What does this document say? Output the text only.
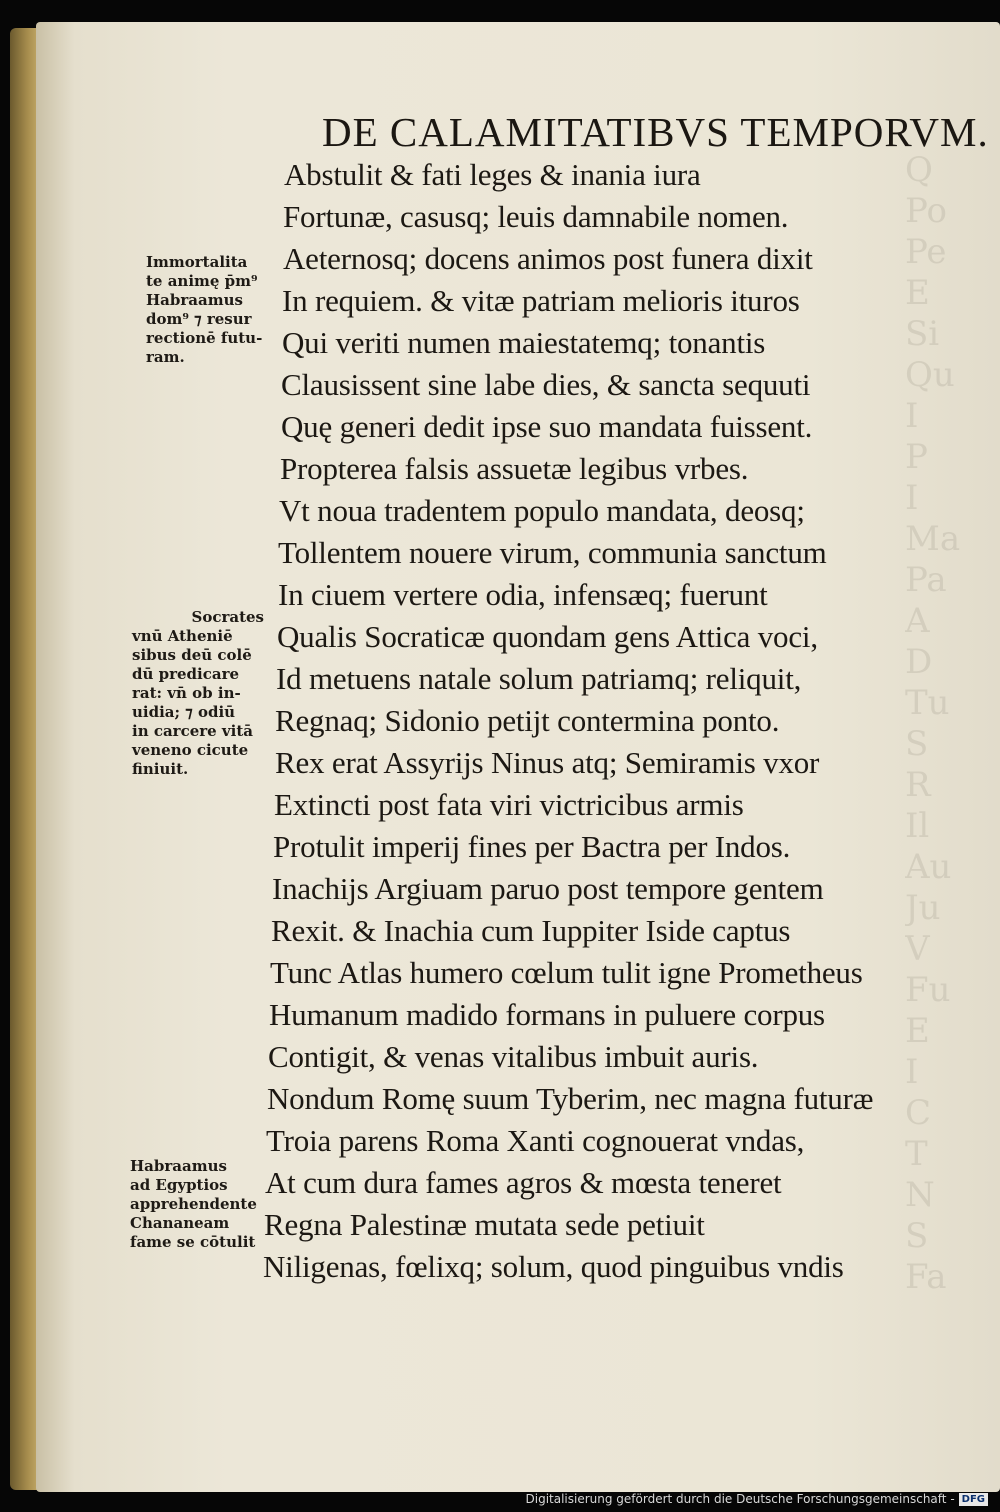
Q
Po
Pe
E
Si
Qu
I
P
I
Ma
Pa
A
D
Tu
S
R
Il
Au
Ju
V
Fu
E
I
C
T
N
S
Fa
DE CALAMITATIBVS TEMPORVM.
Abstulit & fati leges & inania iura
Fortunæ, casusq; leuis damnabile nomen.
Aeternosq; docens animos post funera dixit
In requiem. & vitæ patriam melioris ituros
Qui veriti numen maiestatemq; tonantis
Clausissent sine labe dies, & sancta sequuti
Quę generi dedit ipse suo mandata fuissent.
Propterea falsis assuetæ legibus vrbes.
Vt noua tradentem populo mandata, deosq;
Tollentem nouere virum, communia sanctum
In ciuem vertere odia, infensæq; fuerunt
Qualis Socraticæ quondam gens Attica voci,
Id metuens natale solum patriamq; reliquit,
Regnaq; Sidonio petijt contermina ponto.
Rex erat Assyrijs Ninus atq; Semiramis vxor
Extincti post fata viri victricibus armis
Protulit imperij fines per Bactra per Indos.
Inachijs Argiuam paruo post tempore gentem
Rexit. & Inachia cum Iuppiter Iside captus
Tunc Atlas humero cœlum tulit igne Prometheus
Humanum madido formans in puluere corpus
Contigit, & venas vitalibus imbuit auris.
Nondum Romę suum Tyberim, nec magna futuræ
Troia parens Roma Xanti cognouerat vndas,
At cum dura fames agros & mœsta teneret
Regna Palestinæ mutata sede petiuit
Niligenas, fœlixq; solum, quod pinguibus vndis
Immortalita
te animę p̄m⁹
Habraamus
dom⁹ ⁊ resur
rectionē futu-
ram.
Socrates
vnū Atheniē
sibus deū colē
dū predicare
rat: vn̄ ob in-
uidia; ⁊ odiū
in carcere vitā
veneno cicute
finiuit.
Habraamus
ad Egyptios
apprehendente
Chananeam
fame se cōtulit
Digitalisierung gefördert durch die Deutsche Forschungsgemeinschaft - DFG
